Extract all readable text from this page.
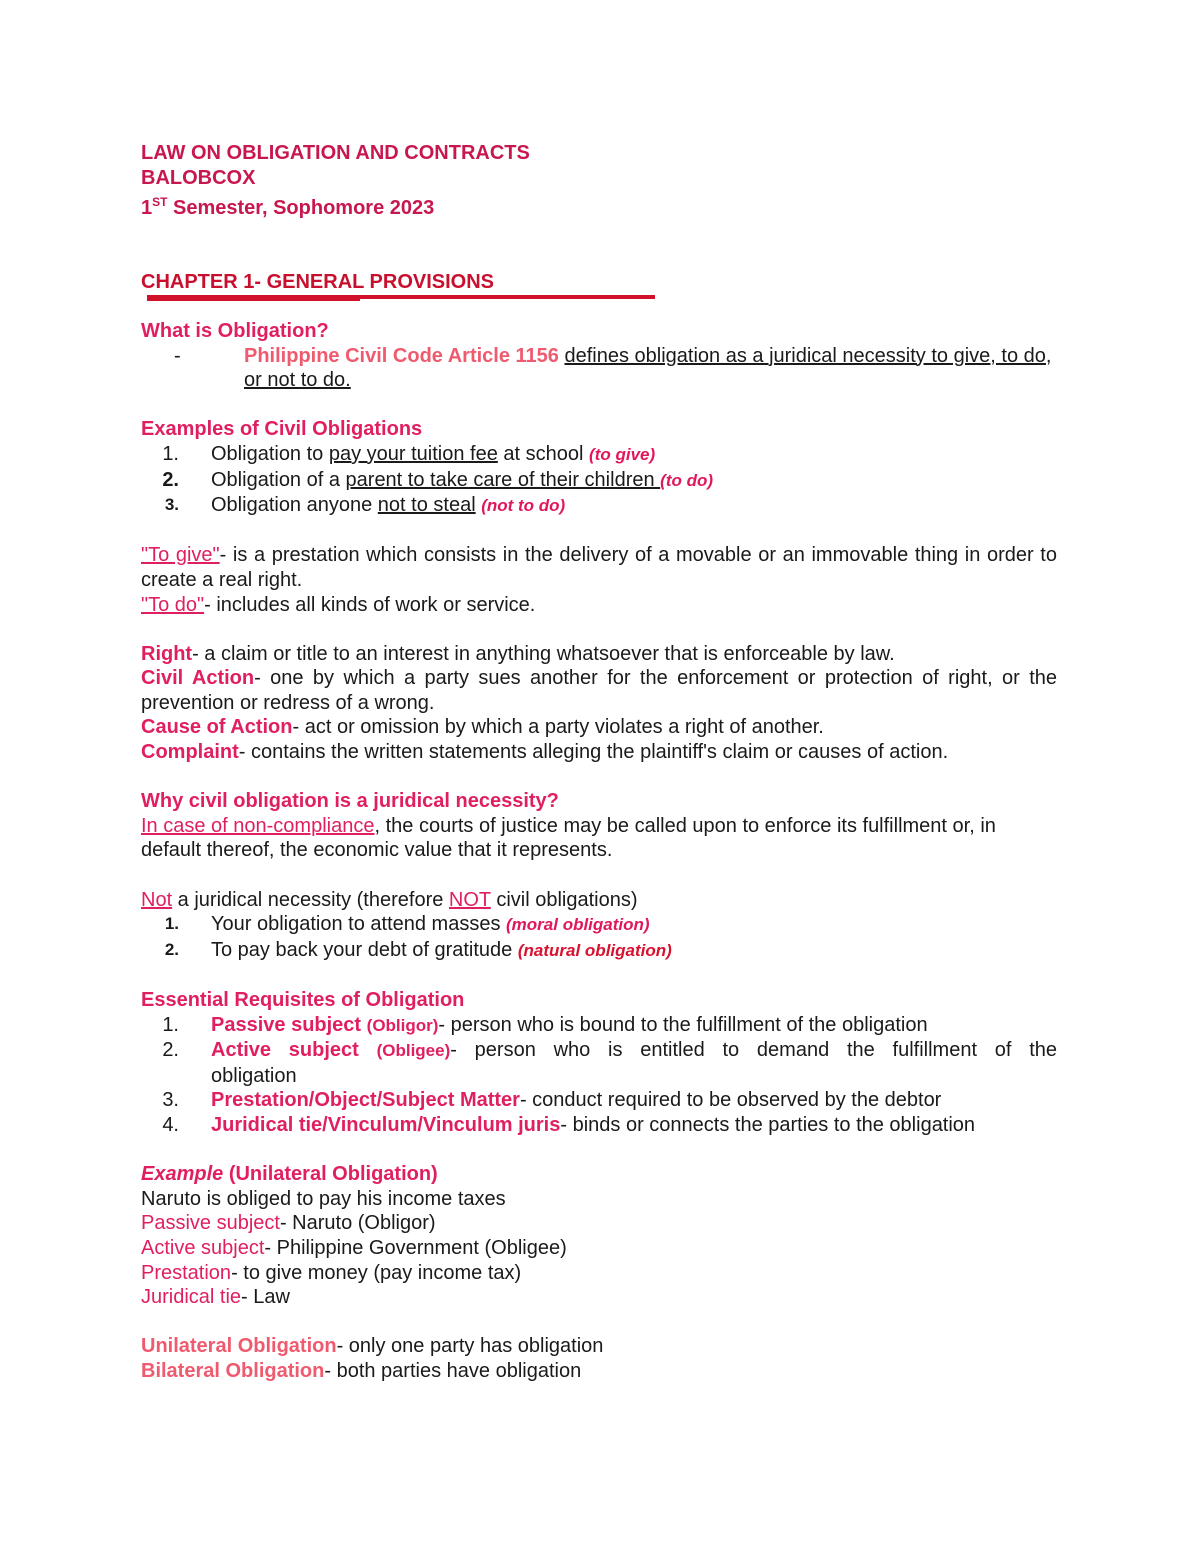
LAW ON OBLIGATION AND CONTRACTS

BALOBCOX

1ST Semester, Sophomore 2023

CHAPTER 1- GENERAL PROVISIONS

What is Obligation?

-	Philippine Civil Code Article 1156 defines obligation as a juridical necessity to give, to do, or not to do.

Examples of Civil Obligations

1.	Obligation to pay your tuition fee at school (to give)
2.	Obligation of a parent to take care of their children (to do)
3.	Obligation anyone not to steal (not to do)

"To give"- is a prestation which consists in the delivery of a movable or an immovable thing in order to create a real right.

"To do"- includes all kinds of work or service.

Right- a claim or title to an interest in anything whatsoever that is enforceable by law.

Civil Action- one by which a party sues another for the enforcement or protection of right, or the prevention or redress of a wrong.

Cause of Action- act or omission by which a party violates a right of another.

Complaint- contains the written statements alleging the plaintiff's claim or causes of action.

Why civil obligation is a juridical necessity?

In case of non-compliance, the courts of justice may be called upon to enforce its fulfillment or, in default thereof, the economic value that it represents.

Not a juridical necessity (therefore NOT civil obligations)

1.	Your obligation to attend masses (moral obligation)
2.	To pay back your debt of gratitude (natural obligation)

Essential Requisites of Obligation

1.	Passive subject (Obligor)- person who is bound to the fulfillment of the obligation
2.	Active subject (Obligee)- person who is entitled to demand the fulfillment of the obligation
3.	Prestation/Object/Subject Matter- conduct required to be observed by the debtor
4.	Juridical tie/Vinculum/Vinculum juris- binds or connects the parties to the obligation

Example (Unilateral Obligation)

Naruto is obliged to pay his income taxes

Passive subject- Naruto (Obligor)

Active subject- Philippine Government (Obligee)

Prestation- to give money (pay income tax)

Juridical tie- Law

Unilateral Obligation- only one party has obligation

Bilateral Obligation- both parties have obligation
